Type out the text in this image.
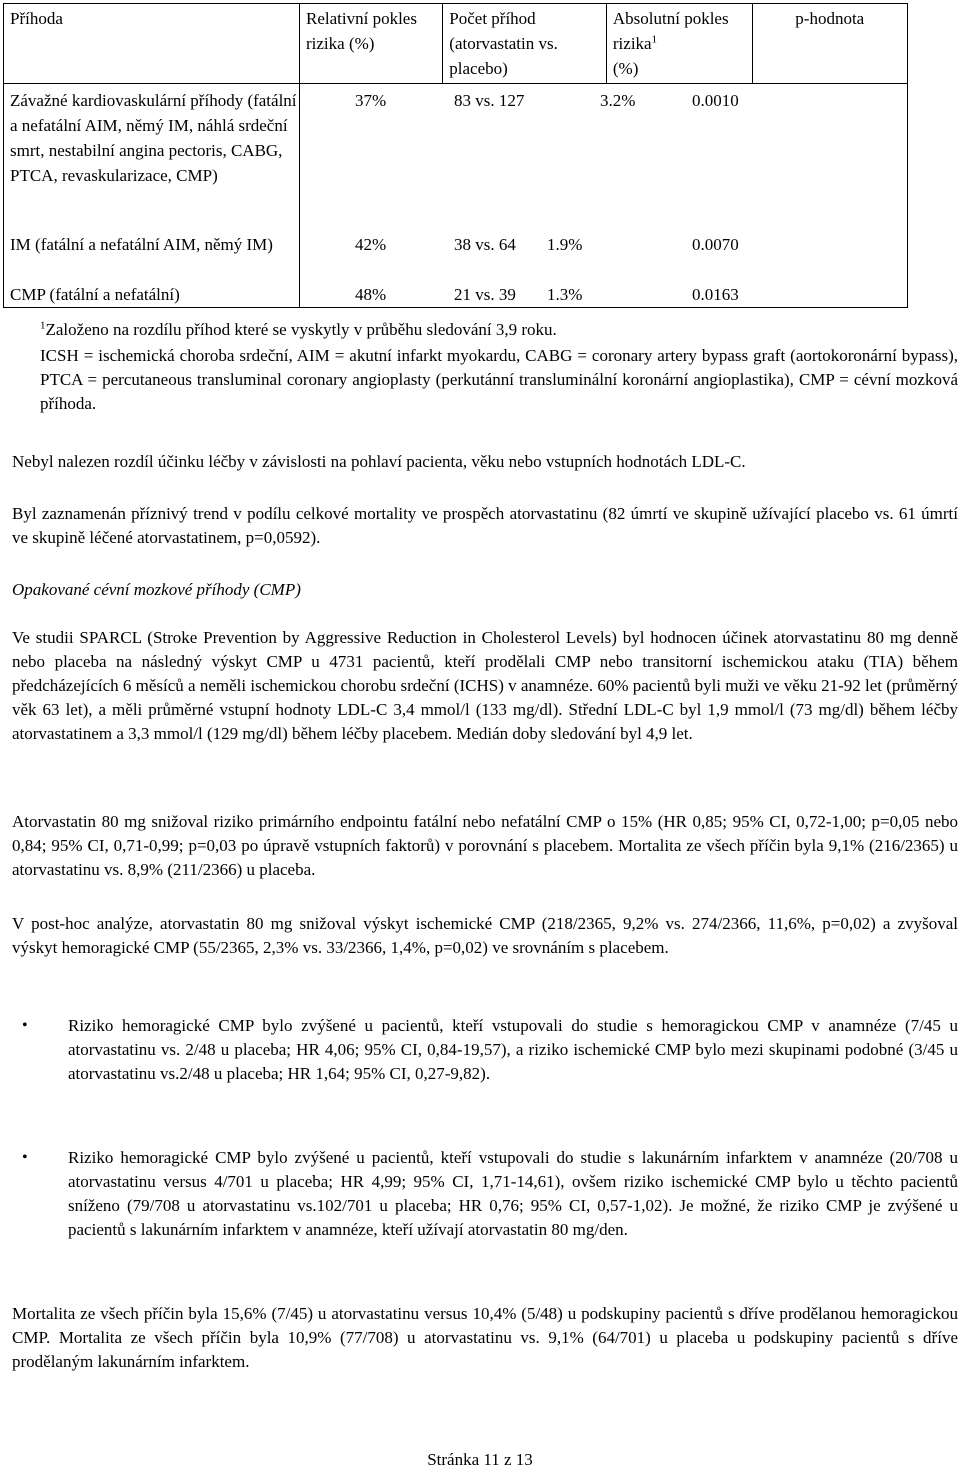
Příhoda	Relativní pokles rizika (%)	Počet příhod (atorvastatin vs. placebo)	Absolutní pokles rizika$^1$
(%)	p-hodnota
Závažné kardiovaskulární příhody (fatální a nefatální AIM, němý IM, náhlá srdeční smrt, nestabilní angina pectoris, CABG, PTCA, revaskularizace, CMP)	37% 83 vs. 127 3.2% 0.0010			

IM (fatální a nefatální AIM, němý IM)	42% 38 vs. 64 1.9% 0.0070			

CMP (fatální a nefatální)	48% 21 vs. 39 1.3% 0.0163			
$^1$Založeno na rozdílu příhod které se vyskytly v průběhu sledování 3,9 roku.
ICSH = ischemická choroba srdeční, AIM = akutní infarkt myokardu, CABG = coronary artery bypass graft (aortokoronární bypass), PTCA = percutaneous transluminal coronary angioplasty (perkutánní transluminální koronární angioplastika), CMP = cévní mozková příhoda.
Nebyl nalezen rozdíl účinku léčby v závislosti na pohlaví pacienta, věku nebo vstupních hodnotách LDL-C.
Byl zaznamenán příznivý trend v podílu celkové mortality ve prospěch atorvastatinu (82 úmrtí ve skupině užívající placebo vs. 61 úmrtí ve skupině léčené atorvastatinem, p=0,0592).
Opakované cévní mozkové příhody (CMP)
Ve studii SPARCL (Stroke Prevention by Aggressive Reduction in Cholesterol Levels) byl hodnocen účinek atorvastatinu 80 mg denně nebo placeba na následný výskyt CMP u 4731 pacientů, kteří prodělali CMP nebo transitorní ischemickou ataku (TIA) během předcházejících 6 měsíců a neměli ischemickou chorobu srdeční (ICHS) v anamnéze. 60% pacientů byli muži ve věku 21-92 let (průměrný věk 63 let), a měli průměrné vstupní hodnoty LDL-C 3,4 mmol/l (133 mg/dl). Střední LDL-C byl 1,9 mmol/l (73 mg/dl) během léčby atorvastatinem a 3,3 mmol/l (129 mg/dl) během léčby placebem. Medián doby sledování byl 4,9 let.
Atorvastatin 80 mg snižoval riziko primárního endpointu fatální nebo nefatální CMP o 15% (HR 0,85; 95% CI, 0,72-1,00; p=0,05 nebo 0,84; 95% CI, 0,71-0,99; p=0,03 po úpravě vstupních faktorů) v porovnání s placebem. Mortalita ze všech příčin byla 9,1% (216/2365) u atorvastatinu vs. 8,9% (211/2366) u placeba.
V post-hoc analýze, atorvastatin 80 mg snižoval výskyt ischemické CMP (218/2365, 9,2% vs. 274/2366, 11,6%, p=0,02) a zvyšoval výskyt hemoragické CMP (55/2365, 2,3% vs. 33/2366, 1,4%, p=0,02) ve srovnáním s placebem.
• Riziko hemoragické CMP bylo zvýšené u pacientů, kteří vstupovali do studie s hemoragickou CMP v anamnéze (7/45 u atorvastatinu vs. 2/48 u placeba; HR 4,06; 95% CI, 0,84-19,57), a riziko ischemické CMP bylo mezi skupinami podobné (3/45 u atorvastatinu vs.2/48 u placeba; HR 1,64; 95% CI, 0,27-9,82).
• Riziko hemoragické CMP bylo zvýšené u pacientů, kteří vstupovali do studie s lakunárním infarktem v anamnéze (20/708 u atorvastatinu versus 4/701 u placeba; HR 4,99; 95% CI, 1,71-14,61), ovšem riziko ischemické CMP bylo u těchto pacientů sníženo (79/708 u atorvastatinu vs.102/701 u placeba; HR 0,76; 95% CI, 0,57-1,02). Je možné, že riziko CMP je zvýšené u pacientů s lakunárním infarktem v anamnéze, kteří užívají atorvastatin 80 mg/den.
Mortalita ze všech příčin byla 15,6% (7/45) u atorvastatinu versus 10,4% (5/48) u podskupiny pacientů s dříve prodělanou hemoragickou CMP. Mortalita ze všech příčin byla 10,9% (77/708) u atorvastatinu vs. 9,1% (64/701) u placeba u podskupiny pacientů s dříve prodělaným lakunárním infarktem.
Stránka 11 z 13
